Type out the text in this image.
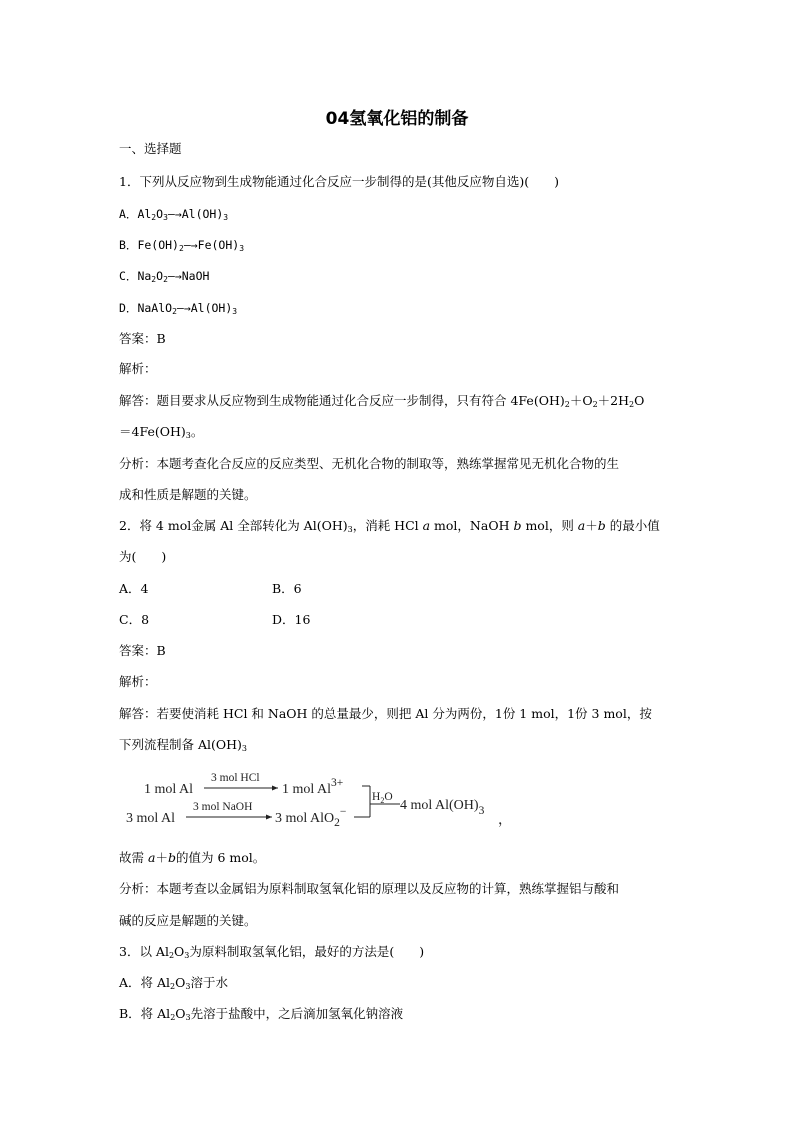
04氢氧化铝的制备
一、选择题
1．下列从反应物到生成物能通过化合反应一步制得的是(其他反应物自选)(　　)
A．$Al_2O_3—\to Al(OH)_3$
B．$Fe(OH)_2—\to Fe(OH)_3$
C．$Na_2O_2—\to NaOH$
D．$NaAlO_2—\to Al(OH)_3$
答案：B
解析：
解答：题目要求从反应物到生成物能通过化合反应一步制得，只有符合 $4Fe(OH)_2+O_2+2H_2O$
$=4Fe(OH)_3$。
分析：本题考查化合反应的反应类型、无机化合物的制取等，熟练掌握常见无机化合物的生
成和性质是解题的关键。
2．将 4 mol金属 Al 全部转化为 $Al(OH)_3$，消耗 HCl a mol，NaOH b mol，则 a＋b 的最小值
为(　　)
A．4	B．6
C．8	D．16
答案：B
解析：
解答：若要使消耗 HCl 和 NaOH 的总量最少，则把 Al 分为两份，1份 1 mol，1份 3 mol，按
下列流程制备 $Al(OH)_3$
1 mol Al
3 mol HCl
1 mol $Al^{3+}$
3 mol Al
3 mol NaOH
3 mol AlO$_2$−
$H_2O$
4 mol $Al(OH)_3$
，
故需 a＋b的值为 6 mol。
分析：本题考查以金属铝为原料制取氢氧化铝的原理以及反应物的计算，熟练掌握铝与酸和
碱的反应是解题的关键。
3．以 $Al_2O_3$为原料制取氢氧化铝，最好的方法是(　　)
A．将 $Al_2O_3$溶于水
B．将 $Al_2O_3$先溶于盐酸中，之后滴加氢氧化钠溶液
